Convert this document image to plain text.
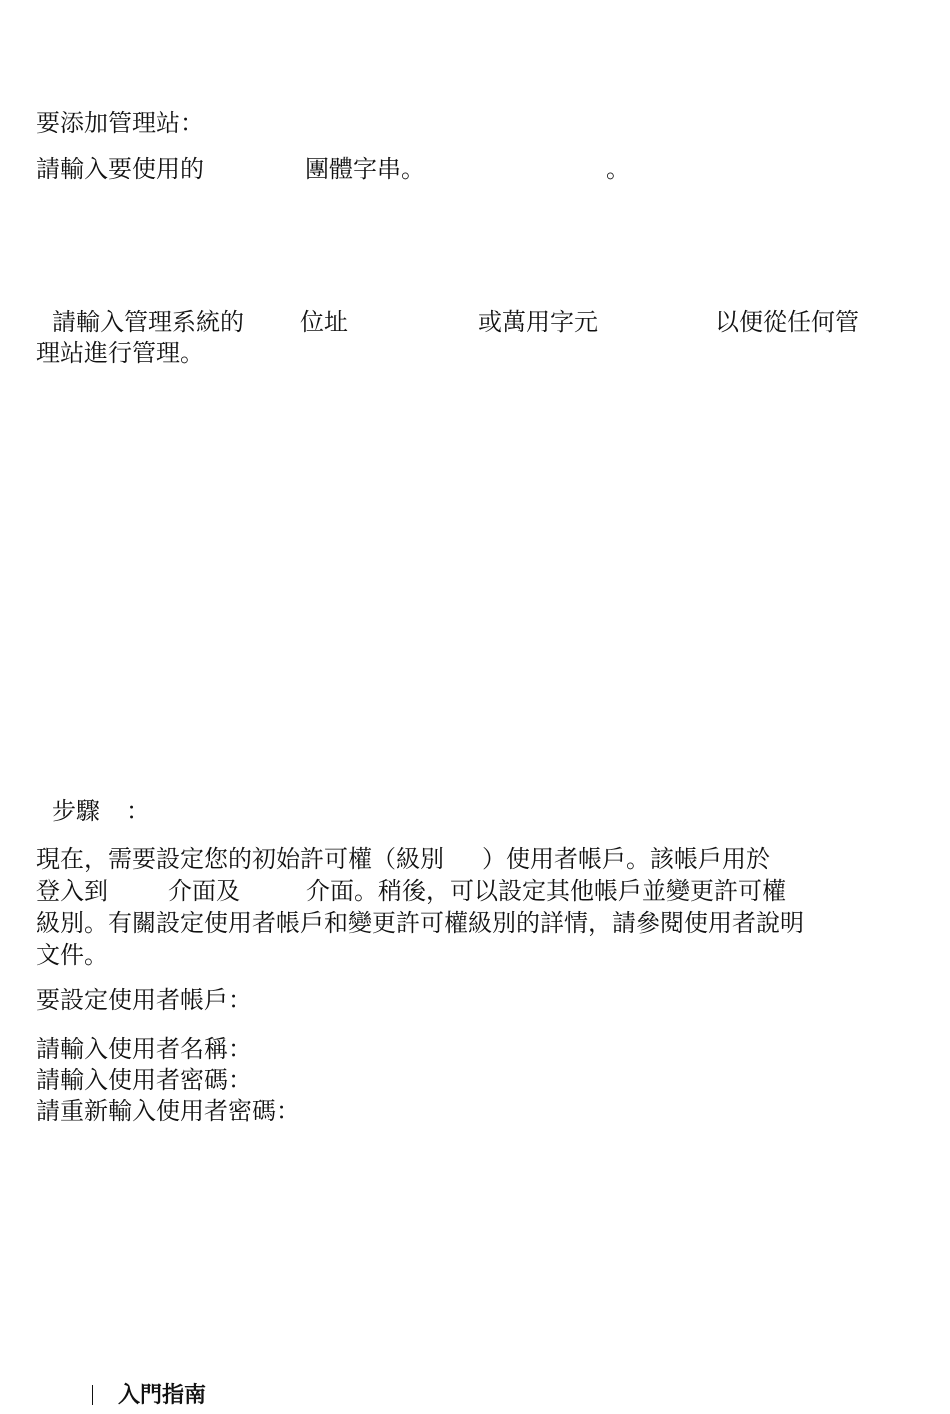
要添加管理站：

請輸入要使用的	團體字串。	。

請輸入管理系統的 位址	或萬用字元	以便從任何管

理站進行管理。

步驟 ：

現在，需要設定您的初始許可權（級別 ）使用者帳戶。該帳戶用於
登入到	介面及	介面。稍後，可以設定其他帳戶並變更許可權
級別。有關設定使用者帳戶和變更許可權級別的詳情，請參閱使用者說明
文件。

要設定使用者帳戶：

請輸入使用者名稱：

請輸入使用者密碼：

請重新輸入使用者密碼：

入門指南
